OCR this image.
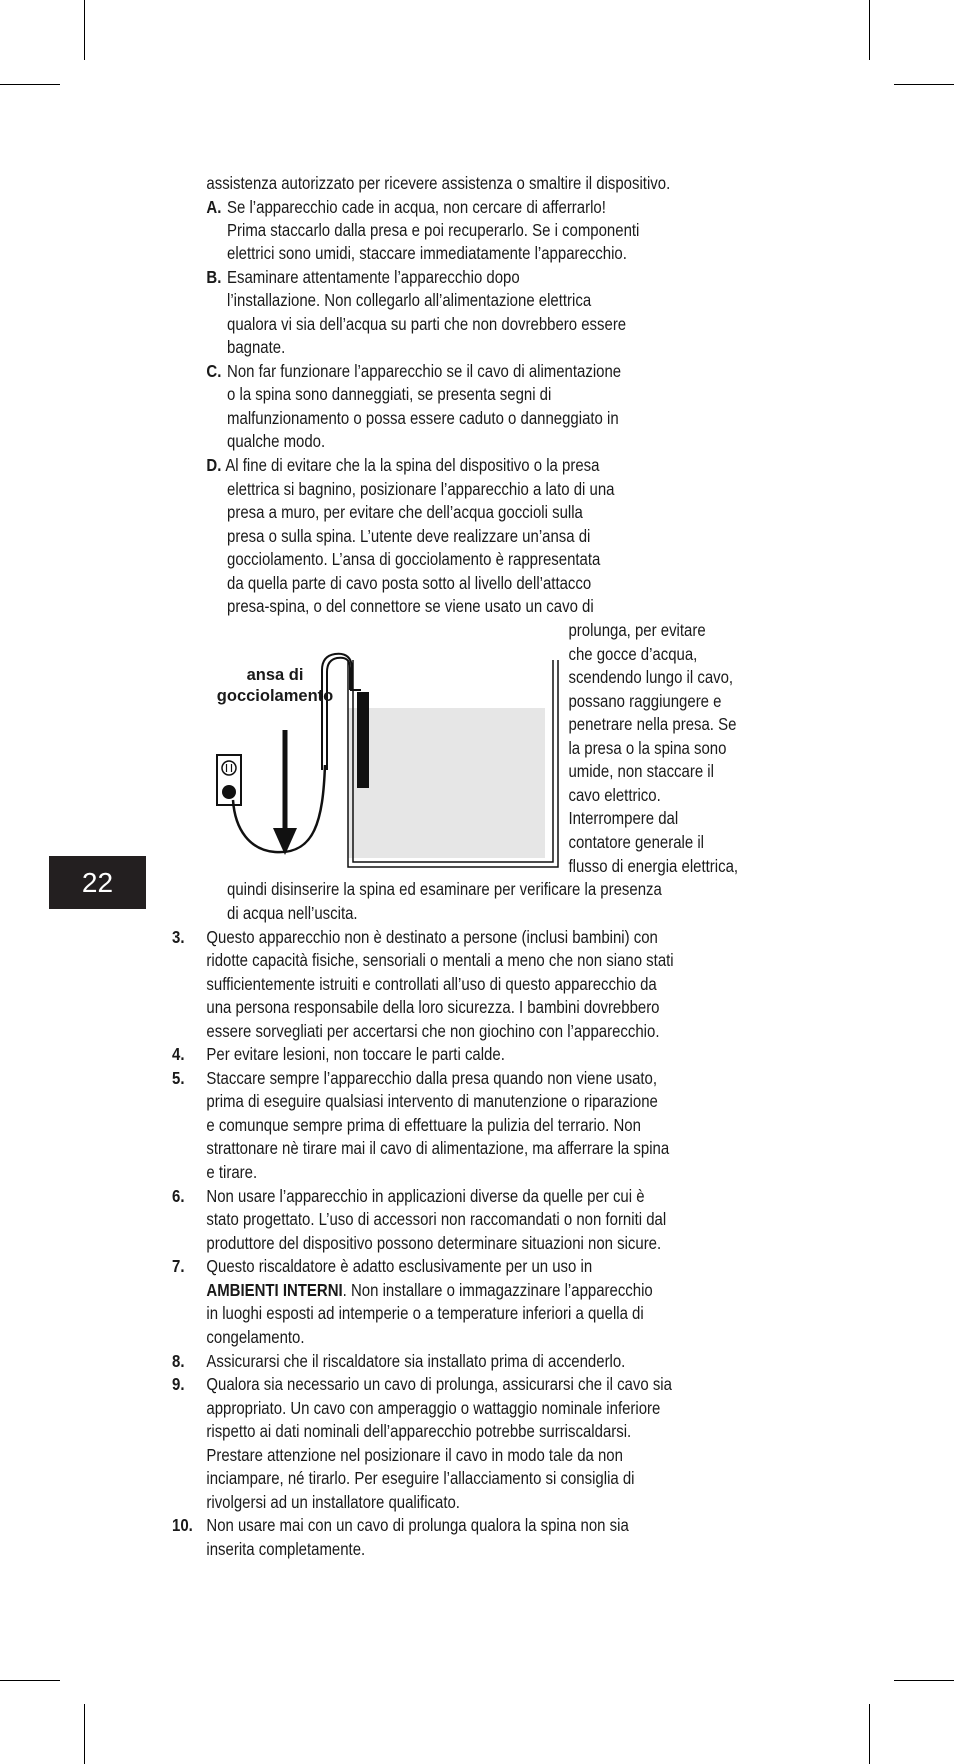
22
assistenza autorizzato per ricevere assistenza o smaltire il dispositivo.
A. Se l’apparecchio cade in acqua, non cercare di afferrarlo!
Prima staccarlo dalla presa e poi recuperarlo. Se i componenti
elettrici sono umidi, staccare immediatamente l’apparecchio.
B. Esaminare attentamente l’apparecchio dopo
l’installazione. Non collegarlo all’alimentazione elettrica
qualora vi sia dell’acqua su parti che non dovrebbero essere
bagnate.
C. Non far funzionare l’apparecchio se il cavo di alimentazione
o la spina sono danneggiati, se presenta segni di
malfunzionamento o possa essere caduto o danneggiato in
qualche modo.
D. Al fine di evitare che la la spina del dispositivo o la presa
elettrica si bagnino, posizionare l’apparecchio a lato di una
presa a muro, per evitare che dell’acqua goccioli sulla
presa o sulla spina. L’utente deve realizzare un’ansa di
gocciolamento. L’ansa di gocciolamento è rappresentata
da quella parte di cavo posta sotto al livello dell’attacco
presa-spina, o del connettore se viene usato un cavo di
prolunga, per evitare
che gocce d’acqua,
scendendo lungo il cavo,
possano raggiungere e
penetrare nella presa. Se
la presa o la spina sono
umide, non staccare il
cavo elettrico.
Interrompere dal
contatore generale il
flusso di energia elettrica,
quindi disinserire la spina ed esaminare per verificare la presenza
di acqua nell’uscita.
3. Questo apparecchio non è destinato a persone (inclusi bambini) con
ridotte capacità fisiche, sensoriali o mentali a meno che non siano stati
sufficientemente istruiti e controllati all’uso di questo apparecchio da
una persona responsabile della loro sicurezza. I bambini dovrebbero
essere sorvegliati per accertarsi che non giochino con l’apparecchio.
4. Per evitare lesioni, non toccare le parti calde.
5. Staccare sempre l’apparecchio dalla presa quando non viene usato,
prima di eseguire qualsiasi intervento di manutenzione o riparazione
e comunque sempre prima di effettuare la pulizia del terrario. Non
strattonare nè tirare mai il cavo di alimentazione, ma afferrare la spina
e tirare.
6. Non usare l’apparecchio in applicazioni diverse da quelle per cui è
stato progettato. L’uso di accessori non raccomandati o non forniti dal
produttore del dispositivo possono determinare situazioni non sicure.
7. Questo riscaldatore è adatto esclusivamente per un uso in
AMBIENTI INTERNI. Non installare o immagazzinare l’apparecchio
in luoghi esposti ad intemperie o a temperature inferiori a quella di
congelamento.
8. Assicurarsi che il riscaldatore sia installato prima di accenderlo.
9. Qualora sia necessario un cavo di prolunga, assicurarsi che il cavo sia
appropriato. Un cavo con amperaggio o wattaggio nominale inferiore
rispetto ai dati nominali dell’apparecchio potrebbe surriscaldarsi.
Prestare attenzione nel posizionare il cavo in modo tale da non
inciampare, né tirarlo. Per eseguire l’allacciamento si consiglia di
rivolgersi ad un installatore qualificato.
10. Non usare mai con un cavo di prolunga qualora la spina non sia
inserita completamente.
ansa di
gocciolamento
